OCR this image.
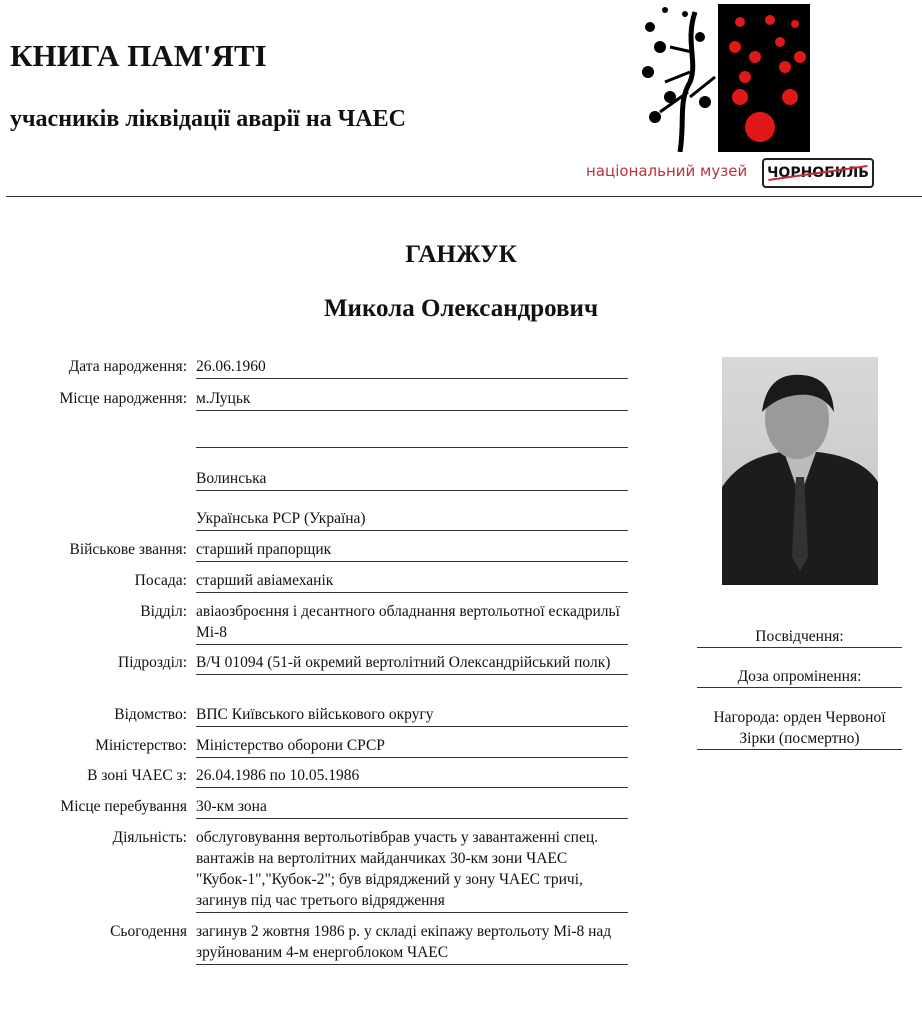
КНИГА ПАМ'ЯТІ
учасників ліквідації аварії на ЧАЕС
національний музей	ЧОРНОБИЛЬ
ГАНЖУК
Микола Олександрович
Дата народження: 26.06.1960
Місце народження: м.Луцьк
Волинська
Українська РСР (Україна)
Військове звання: старший прапорщик
Посада: старший авіамеханік
Відділ: авіаозброєння і десантного обладнання вертольотної ескадрильї Мі-8
Підрозділ: В/Ч 01094 (51-й окремий вертолітний Олександрійський полк)
Відомство: ВПС Київського військового округу
Міністерство: Міністерство оборони СРСР
В зоні ЧАЕС з: 26.04.1986 по 10.05.1986
Місце перебування 30-км зона
Діяльність: обслуговування вертольотівбрав участь у завантаженні спец. вантажів на вертолітних майданчиках 30-км зони ЧАЕС "Кубок-1","Кубок-2"; був відряджений у зону ЧАЕС тричі, загинув під час третього відрядження
Сьогодення загинув 2 жовтня 1986 р. у складі екіпажу вертольоту Мі-8 над зруйнованим 4-м енергоблоком ЧАЕС
Посвідчення:
Доза опромінення:
Нагорода: орден Червоної Зірки (посмертно)
